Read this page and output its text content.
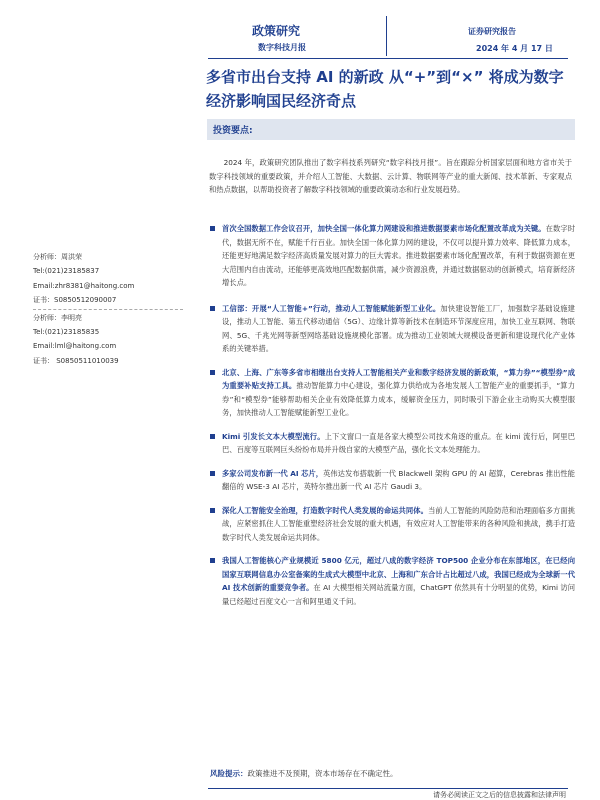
政策研究
数字科技月报
证券研究报告
2024 年 4 月 17 日
多省市出台支持 AI 的新政 从“+”到“×” 将成为数字经济影响国民经济奇点
投资要点:
2024 年，政策研究团队推出了数字科技系列研究“数字科技月报”。旨在跟踪分析国家层面和地方省市关于数字科技领域的重要政策，并介绍人工智能、大数据、云计算、物联网等产业的重大新闻、技术革新、专家观点和热点数据，以帮助投资者了解数字科技领域的重要政策动态和行业发展趋势。
分析师：周洪荣
Tel:(021)23185837
Email:zhr8381@haitong.com
证书：S0850512090007
分析师：李明亮
Tel:(021)23185835
Email:lml@haitong.com
证书： S0850511010039
首次全国数据工作会议召开，加快全国一体化算力网建设和推进数据要素市场化配置改革成为关键。在数字时代，数据无所不在，赋能千行百业。加快全国一体化算力网的建设，不仅可以提升算力效率、降低算力成本，还能更好地满足数字经济高质量发展对算力的巨大需求。推进数据要素市场化配置改革，有利于数据资源在更大范围内自由流动，还能够更高效地匹配数据供需，减少资源浪费，并通过数据驱动的创新模式，培育新经济增长点。
工信部：开展“人工智能+”行动，推动人工智能赋能新型工业化。加快建设智能工厂，加强数字基础设施建设，推动人工智能、第五代移动通信（5G）、边缘计算等新技术在制造环节深度应用，加快工业互联网、物联网、5G、千兆光网等新型网络基础设施规模化部署。成为推动工业领域大规模设备更新和建设现代化产业体系的关键举措。
北京、上海、广东等多省市相继出台支持人工智能相关产业和数字经济发展的新政策，“算力券”“模型券”成为重要补贴支持工具。推动智能算力中心建设，强化算力供给成为各地发展人工智能产业的重要抓手，“算力券”和“模型券”能够帮助相关企业有效降低算力成本，缓解资金压力，同时吸引下游企业主动购买大模型服务，加快推动人工智能赋能新型工业化。
Kimi 引发长文本大模型流行。上下文窗口一直是各家大模型公司技术角逐的重点。在 kimi 流行后，阿里巴巴、百度等互联网巨头纷纷布局并升级自家的大模型产品，强化长文本处理能力。
多家公司发布新一代 AI 芯片，英伟达发布搭载新一代 Blackwell 架构 GPU 的 AI 超算，Cerebras 推出性能翻倍的 WSE-3 AI 芯片，英特尔推出新一代 AI 芯片 Gaudi 3。
深化人工智能安全治理，打造数字时代人类发展的命运共同体。当前人工智能的风险防范和治理面临多方面挑战，应紧密抓住人工智能重塑经济社会发展的重大机遇，有效应对人工智能带来的各种风险和挑战，携手打造数字时代人类发展命运共同体。
我国人工智能核心产业规模近 5800 亿元，超过八成的数字经济 TOP500 企业分布在东部地区，在已经向国家互联网信息办公室备案的生成式大模型中北京、上海和广东合计占比超过八成，我国已经成为全球新一代 AI 技术创新的重要竞争者。在 AI 大模型相关网站流量方面，ChatGPT 依然具有十分明显的优势，Kimi 访问量已经超过百度文心一言和阿里通义千问。
风险提示：政策推进不及预期，资本市场存在不确定性。
请务必阅读正文之后的信息披露和法律声明
